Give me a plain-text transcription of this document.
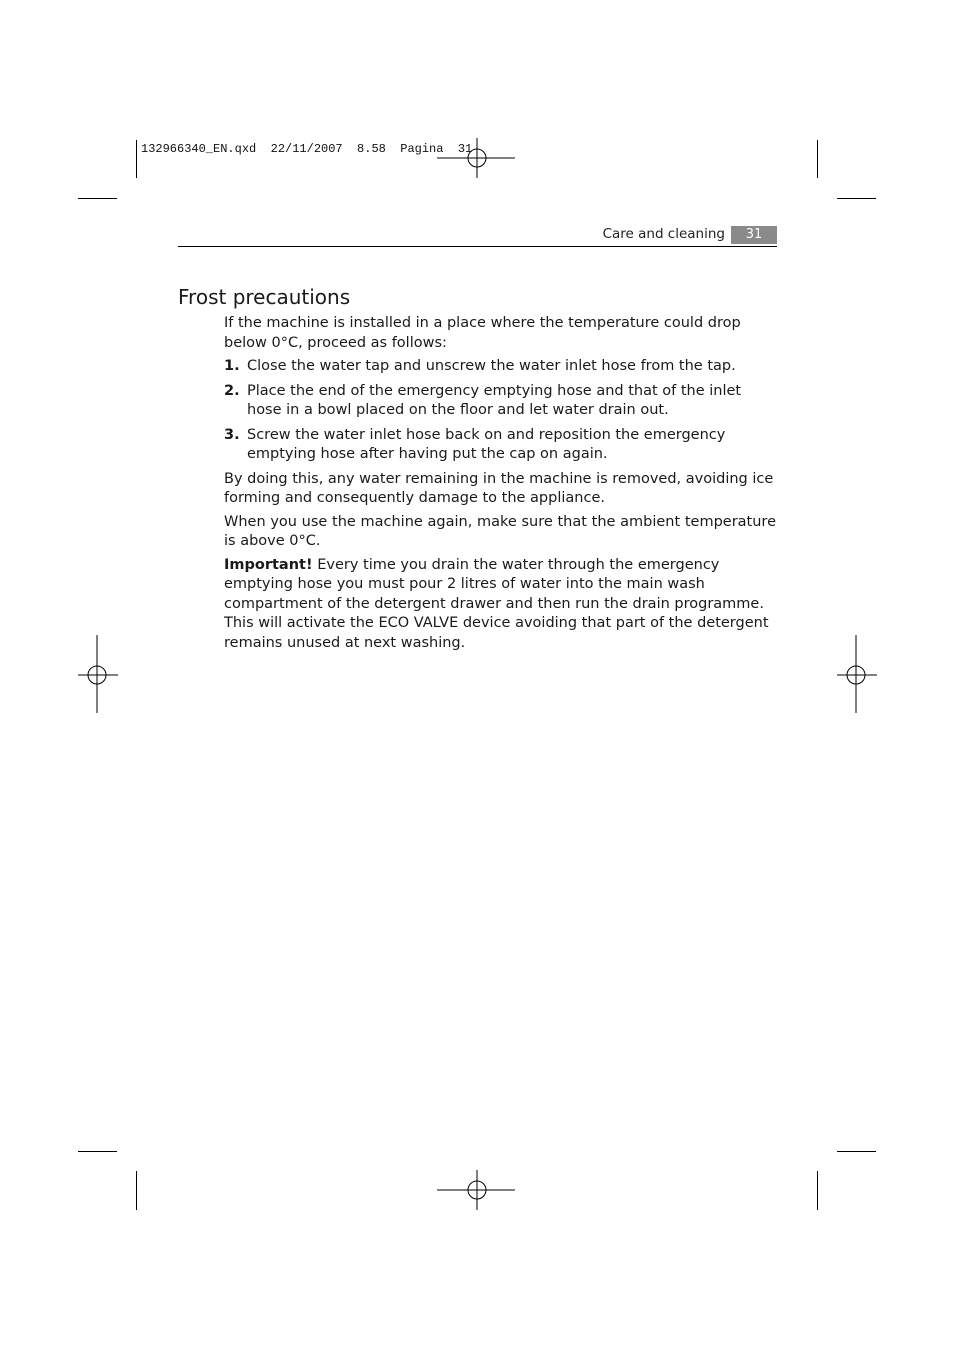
132966340_EN.qxd  22/11/2007  8.58  Pagina  31
Care and cleaning	31
Frost precautions

If the machine is installed in a place where the temperature could drop below 0°C, proceed as follows:

1. Close the water tap and unscrew the water inlet hose from the tap.
2. Place the end of the emergency emptying hose and that of the inlet hose in a bowl placed on the floor and let water drain out.
3. Screw the water inlet hose back on and reposition the emergency emptying hose after having put the cap on again.

By doing this, any water remaining in the machine is removed, avoiding ice forming and consequently damage to the appliance.

When you use the machine again, make sure that the ambient temperature is above 0°C.

Important! Every time you drain the water through the emergency emptying hose you must pour 2 litres of water into the main wash compartment of the detergent drawer and then run the drain programme. This will activate the ECO VALVE device avoiding that part of the detergent remains unused at next washing.
